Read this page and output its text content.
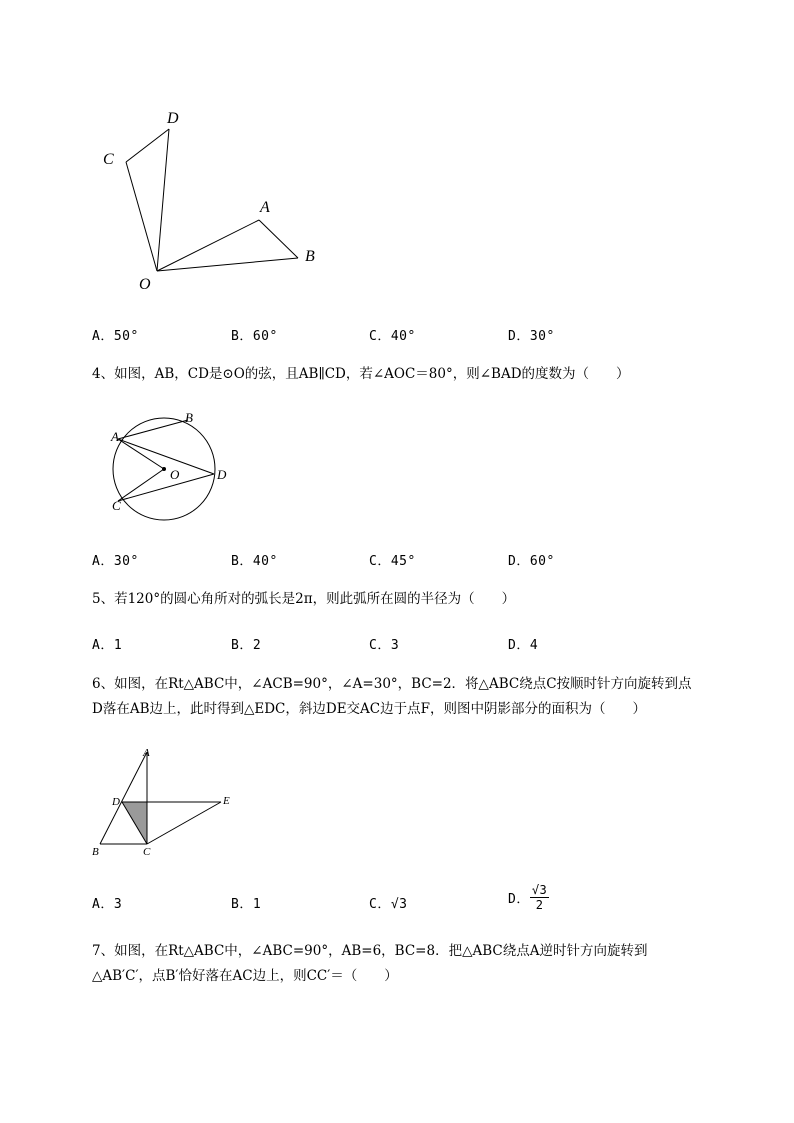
C
D
A
B
O
A．50°	B．60°	C．40°	D．30°
4、如图，AB，CD是⊙O的弦，且AB∥CD，若∠AOC＝80°，则∠BAD的度数为（　　）
A
B
C
D
O
A．30°	B．40°	C．45°	D．60°
5、若120°的圆心角所对的弧长是2π，则此弧所在圆的半径为（　　）
A．1	B．2	C．3	D．4
6、如图，在Rt△ABC中，∠ACB=90°，∠A=30°，BC=2．将△ABC绕点C按顺时针方向旋转到点
D落在AB边上，此时得到△EDC，斜边DE交AC边于点F，则图中阴影部分的面积为（　　）
A
D	E
B	C
A．3	B．1	C．√3	D． $\frac{√3}{2}$
7、如图，在Rt△ABC中，∠ABC=90°，AB=6，BC=8．把△ABC绕点A逆时针方向旋转到
△AB′C′，点B′恰好落在AC边上，则CC′＝（　　）
